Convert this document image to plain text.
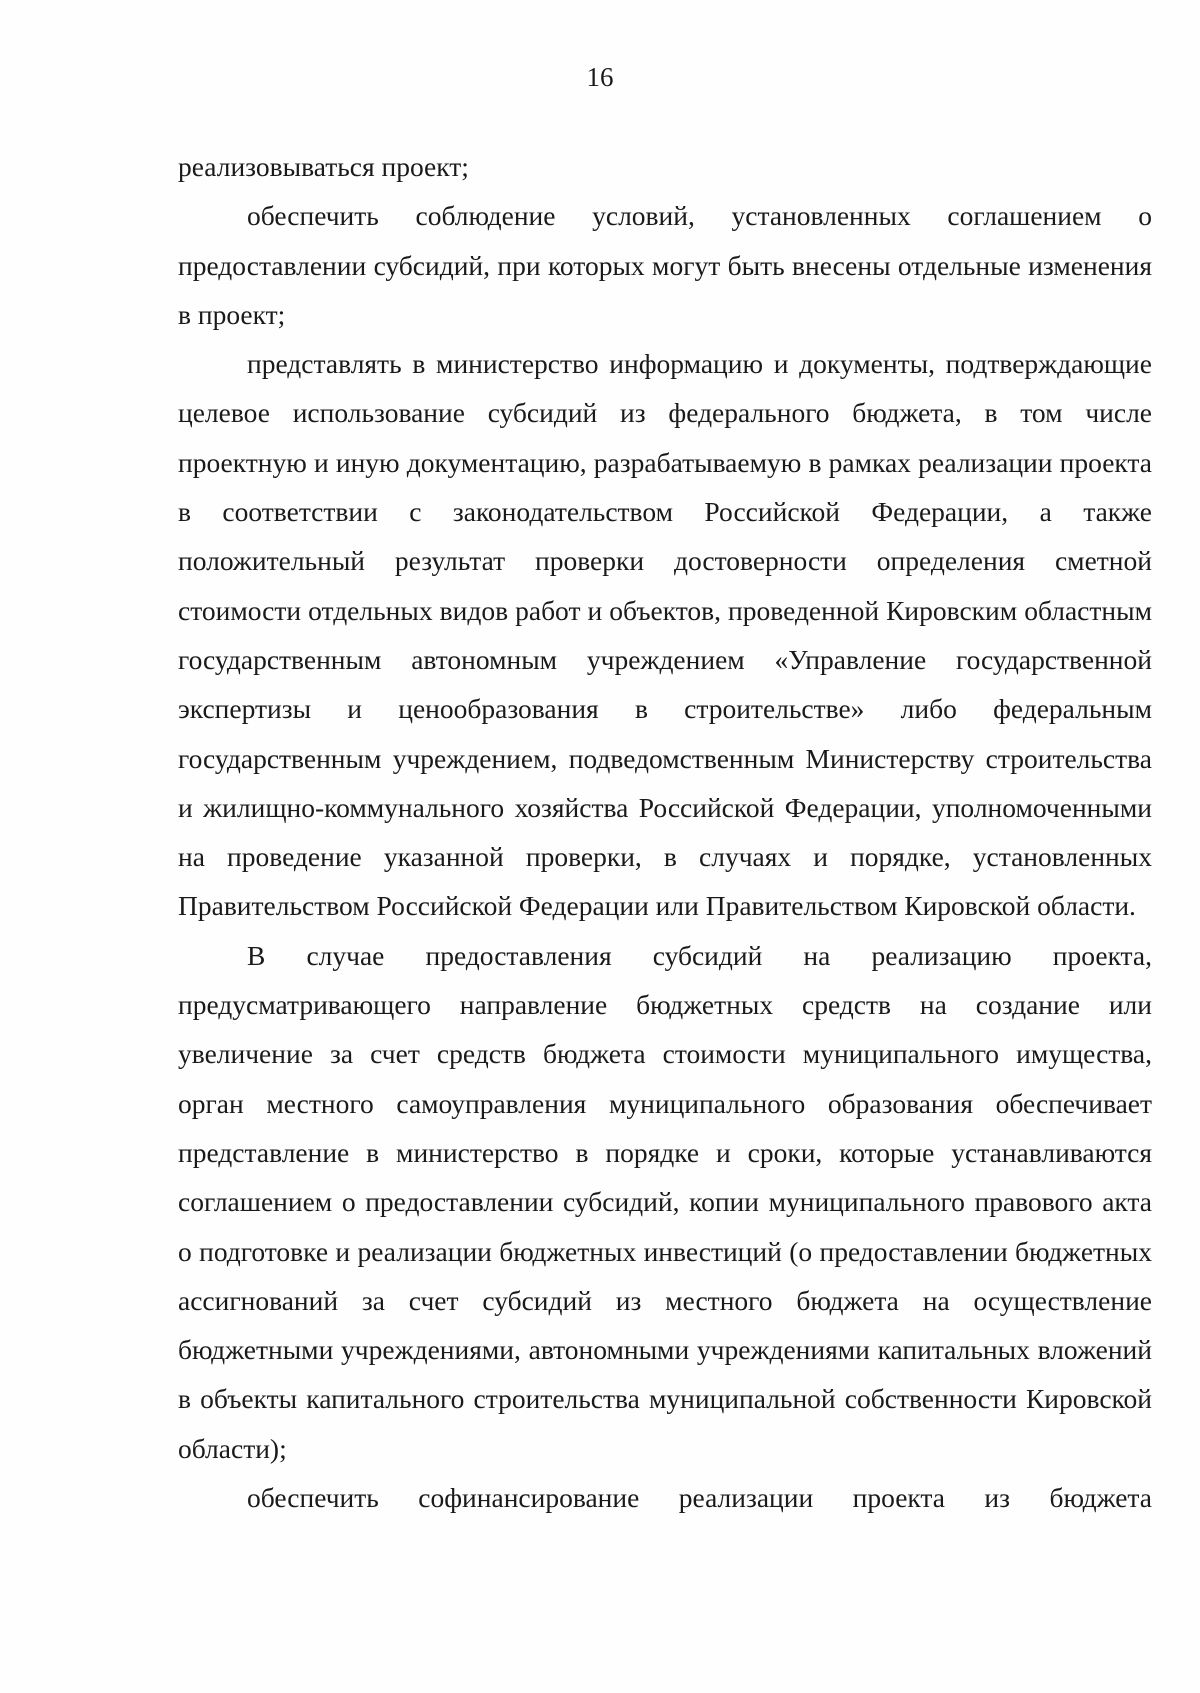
16

реализовываться проект;

обеспечить соблюдение условий, установленных соглашением о предоставлении субсидий, при которых могут быть внесены отдельные изменения в проект;

представлять в министерство информацию и документы, подтверждающие целевое использование субсидий из федерального бюджета, в том числе проектную и иную документацию, разрабатываемую в рамках реализации проекта в соответствии с законодательством Российской Федерации, а также положительный результат проверки достоверности определения сметной стоимости отдельных видов работ и объектов, проведенной Кировским областным государственным автономным учреждением «Управление государственной экспертизы и ценообразования в строительстве» либо федеральным государственным учреждением, подведомственным Министерству строительства и жилищно-коммунального хозяйства Российской Федерации, уполномоченными на проведение указанной проверки, в случаях и порядке, установленных Правительством Российской Федерации или Правительством Кировской области.

В случае предоставления субсидий на реализацию проекта, предусматривающего направление бюджетных средств на создание или увеличение за счет средств бюджета стоимости муниципального имущества, орган местного самоуправления муниципального образования обеспечивает представление в министерство в порядке и сроки, которые устанавливаются соглашением о предоставлении субсидий, копии муниципального правового акта о подготовке и реализации бюджетных инвестиций (о предоставлении бюджетных ассигнований за счет субсидий из местного бюджета на осуществление бюджетными учреждениями, автономными учреждениями капитальных вложений в объекты капитального строительства муниципальной собственности Кировской области);

обеспечить софинансирование реализации проекта из бюджета
